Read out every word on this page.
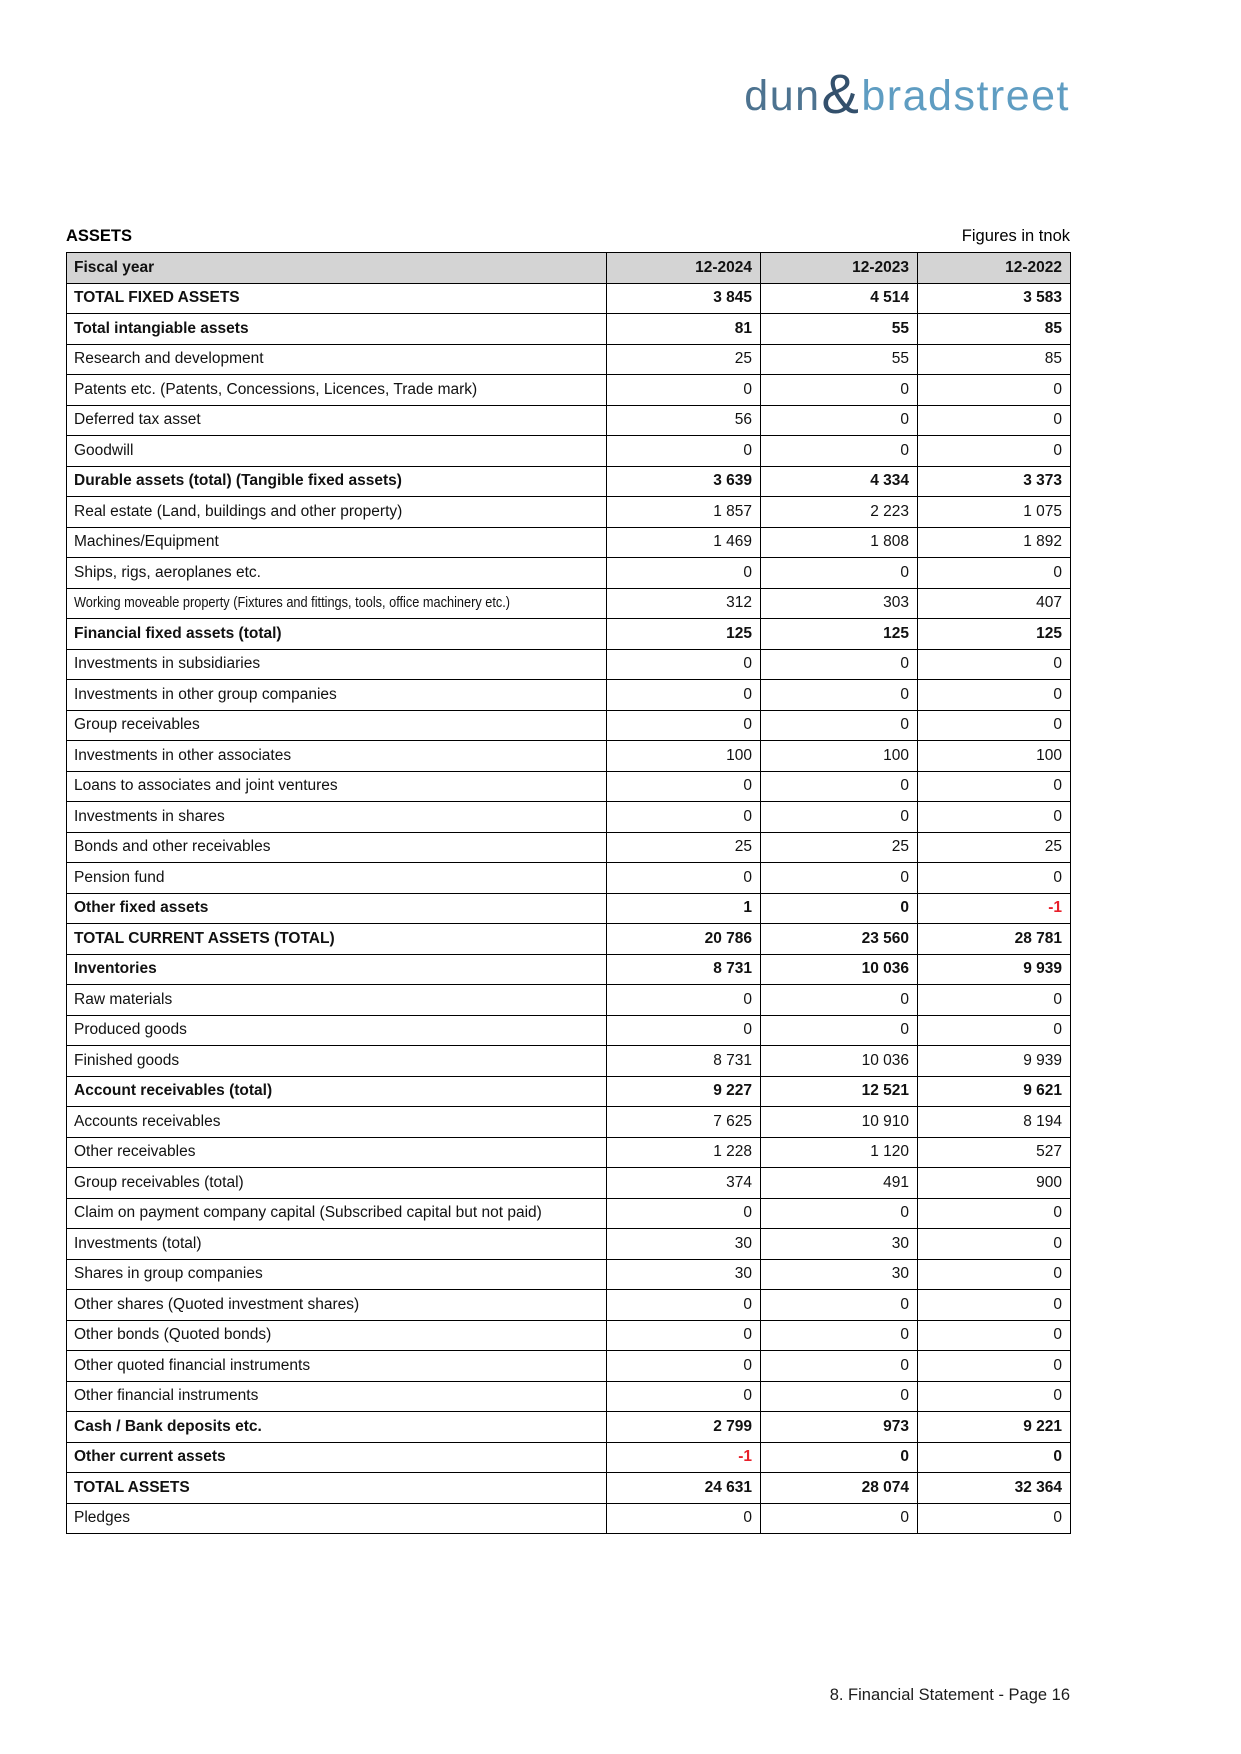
dun & bradstreet
ASSETS	Figures in tnok
Fiscal year	12-2024	12-2023	12-2022
TOTAL FIXED ASSETS	3 845	4 514	3 583
Total intangiable assets	81	55	85
Research and development	25	55	85
Patents etc. (Patents, Concessions, Licences, Trade mark)	0	0	0
Deferred tax asset	56	0	0
Goodwill	0	0	0
Durable assets (total) (Tangible fixed assets)	3 639	4 334	3 373
Real estate (Land, buildings and other property)	1 857	2 223	1 075
Machines/Equipment	1 469	1 808	1 892
Ships, rigs, aeroplanes etc.	0	0	0
Working moveable property (Fixtures and fittings, tools, office machinery etc.)	312	303	407
Financial fixed assets (total)	125	125	125
Investments in subsidiaries	0	0	0
Investments in other group companies	0	0	0
Group receivables	0	0	0
Investments in other associates	100	100	100
Loans to associates and joint ventures	0	0	0
Investments in shares	0	0	0
Bonds and other receivables	25	25	25
Pension fund	0	0	0
Other fixed assets	1	0	-1
TOTAL CURRENT ASSETS (TOTAL)	20 786	23 560	28 781
Inventories	8 731	10 036	9 939
Raw materials	0	0	0
Produced goods	0	0	0
Finished goods	8 731	10 036	9 939
Account receivables (total)	9 227	12 521	9 621
Accounts receivables	7 625	10 910	8 194
Other receivables	1 228	1 120	527
Group receivables (total)	374	491	900
Claim on payment company capital (Subscribed capital but not paid)	0	0	0
Investments (total)	30	30	0
Shares in group companies	30	30	0
Other shares (Quoted investment shares)	0	0	0
Other bonds (Quoted bonds)	0	0	0
Other quoted financial instruments	0	0	0
Other financial instruments	0	0	0
Cash / Bank deposits etc.	2 799	973	9 221
Other current assets	-1	0	0
TOTAL ASSETS	24 631	28 074	32 364
Pledges	0	0	0
8. Financial Statement - Page 16
